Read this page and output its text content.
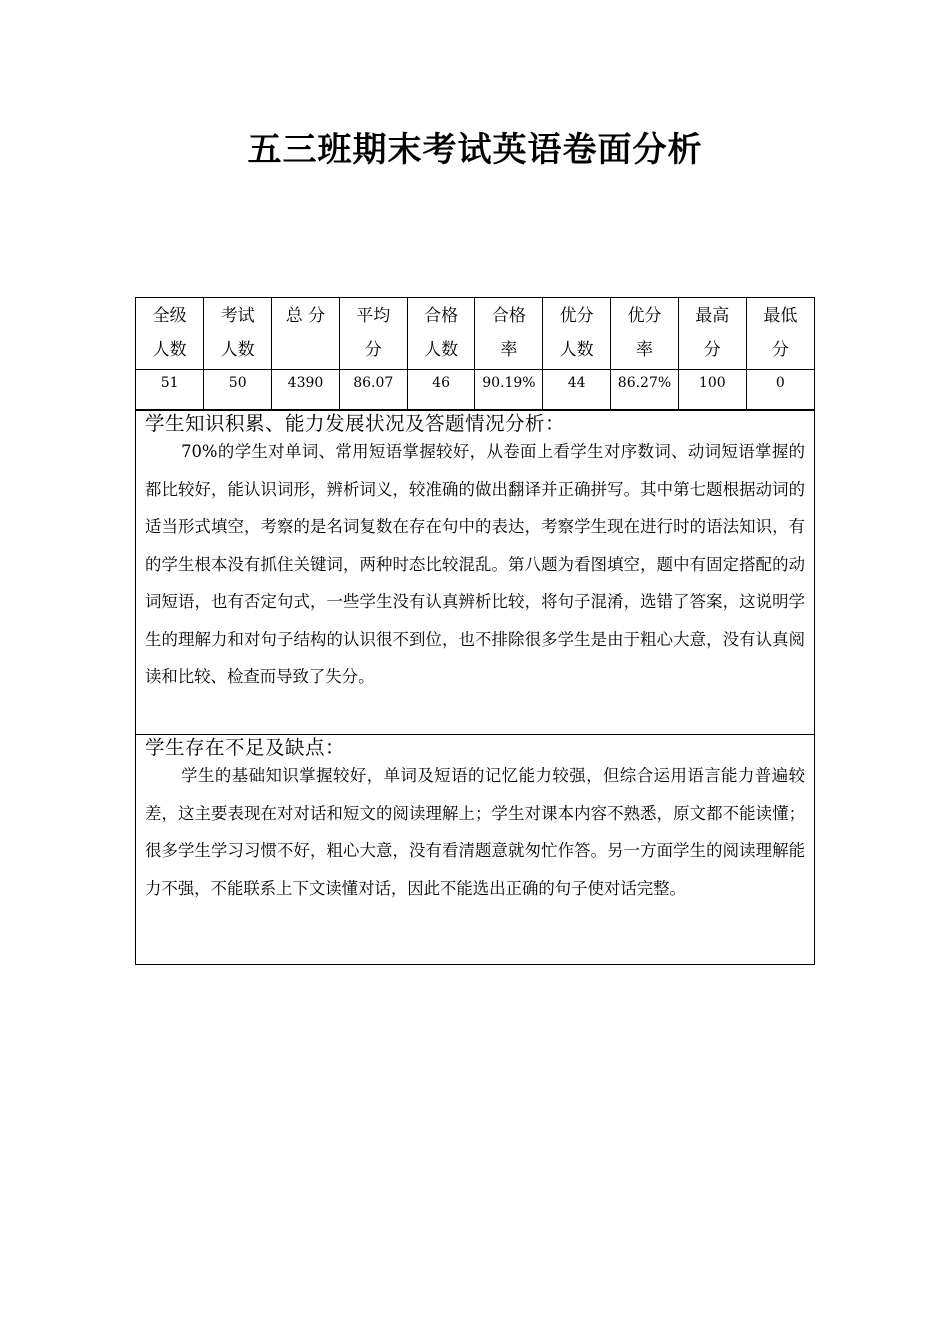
五三班期末考试英语卷面分析
全级人数	考试人数	总 分	平均分	合格人数	合格率	优分人数	优分率	最高分	最低分
51	50	4390	86.07	46	90.19%	44	86.27%	100	0
学生知识积累、能力发展状况及答题情况分析：
70%的学生对单词、常用短语掌握较好，从卷面上看学生对序数词、动词短语掌握的都比较好，能认识词形，辨析词义，较准确的做出翻译并正确拼写。其中第七题根据动词的适当形式填空，考察的是名词复数在存在句中的表达，考察学生现在进行时的语法知识，有的学生根本没有抓住关键词，两种时态比较混乱。第八题为看图填空，题中有固定搭配的动词短语，也有否定句式，一些学生没有认真辨析比较，将句子混淆，选错了答案，这说明学生的理解力和对句子结构的认识很不到位，也不排除很多学生是由于粗心大意，没有认真阅读和比较、检查而导致了失分。
学生存在不足及缺点：
学生的基础知识掌握较好，单词及短语的记忆能力较强，但综合运用语言能力普遍较差，这主要表现在对对话和短文的阅读理解上；学生对课本内容不熟悉，原文都不能读懂；很多学生学习习惯不好，粗心大意，没有看清题意就匆忙作答。另一方面学生的阅读理解能力不强，不能联系上下文读懂对话，因此不能选出正确的句子使对话完整。
